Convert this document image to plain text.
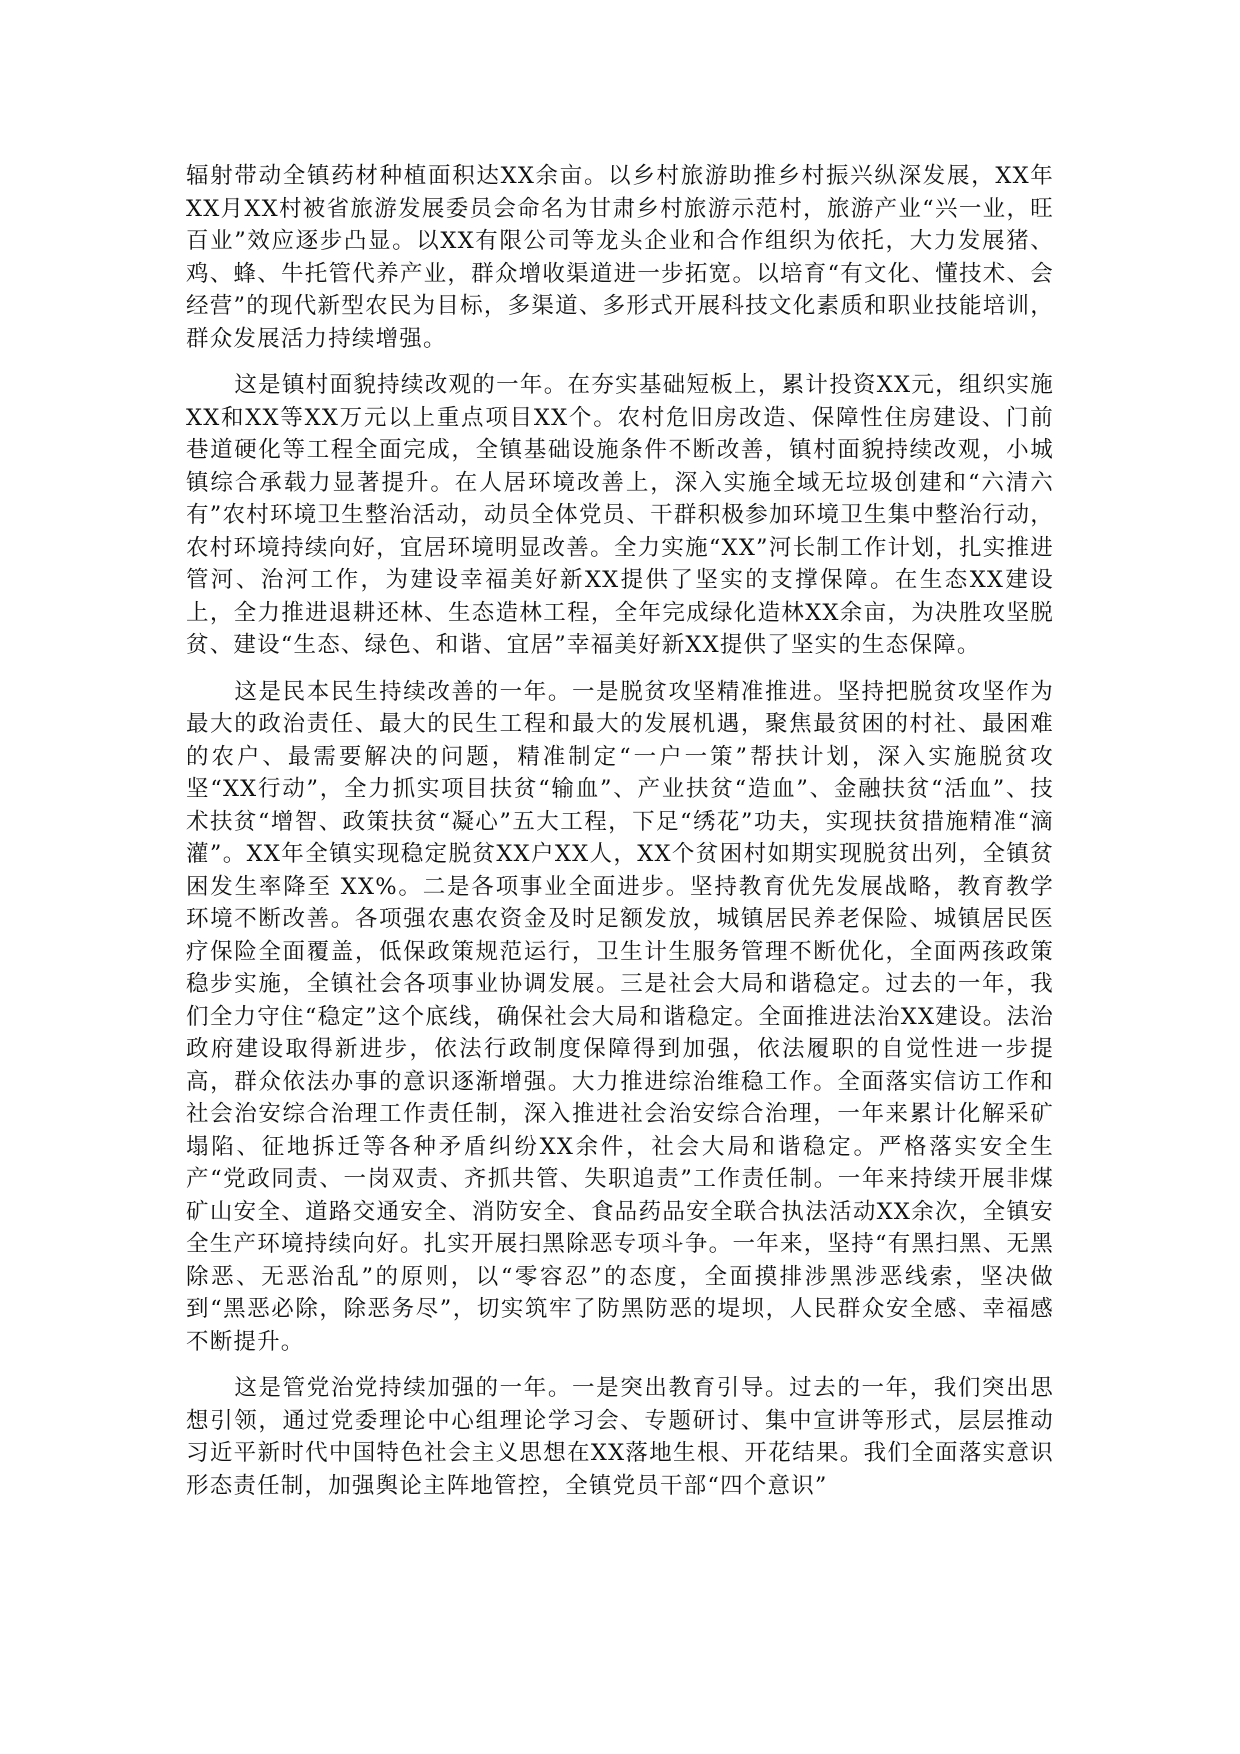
辐射带动全镇药材种植面积达XX余亩。以乡村旅游助推乡村振兴纵深发展，XX年XX月XX村被省旅游发展委员会命名为甘肃乡村旅游示范村，旅游产业“兴一业，旺百业”效应逐步凸显。以XX有限公司等龙头企业和合作组织为依托，大力发展猪、鸡、蜂、牛托管代养产业，群众增收渠道进一步拓宽。以培育“有文化、懂技术、会经营”的现代新型农民为目标，多渠道、多形式开展科技文化素质和职业技能培训，群众发展活力持续增强。

这是镇村面貌持续改观的一年。在夯实基础短板上，累计投资XX元，组织实施XX和XX等XX万元以上重点项目XX个。农村危旧房改造、保障性住房建设、门前巷道硬化等工程全面完成，全镇基础设施条件不断改善，镇村面貌持续改观，小城镇综合承载力显著提升。在人居环境改善上，深入实施全域无垃圾创建和“六清六有”农村环境卫生整治活动，动员全体党员、干群积极参加环境卫生集中整治行动，农村环境持续向好，宜居环境明显改善。全力实施“XX”河长制工作计划，扎实推进管河、治河工作，为建设幸福美好新XX提供了坚实的支撑保障。在生态XX建设上，全力推进退耕还林、生态造林工程，全年完成绿化造林XX余亩，为决胜攻坚脱贫、建设“生态、绿色、和谐、宜居”幸福美好新XX提供了坚实的生态保障。

这是民本民生持续改善的一年。一是脱贫攻坚精准推进。坚持把脱贫攻坚作为最大的政治责任、最大的民生工程和最大的发展机遇，聚焦最贫困的村社、最困难的农户、最需要解决的问题，精准制定“一户一策”帮扶计划，深入实施脱贫攻坚“XX行动”，全力抓实项目扶贫“输血”、产业扶贫“造血”、金融扶贫“活血”、技术扶贫“增智、政策扶贫“凝心”五大工程，下足“绣花”功夫，实现扶贫措施精准“滴灌”。XX年全镇实现稳定脱贫XX户XX人，XX个贫困村如期实现脱贫出列，全镇贫困发生率降至 XX%。二是各项事业全面进步。坚持教育优先发展战略，教育教学环境不断改善。各项强农惠农资金及时足额发放，城镇居民养老保险、城镇居民医疗保险全面覆盖，低保政策规范运行，卫生计生服务管理不断优化，全面两孩政策稳步实施，全镇社会各项事业协调发展。三是社会大局和谐稳定。过去的一年，我们全力守住“稳定”这个底线，确保社会大局和谐稳定。全面推进法治XX建设。法治政府建设取得新进步，依法行政制度保障得到加强，依法履职的自觉性进一步提高，群众依法办事的意识逐渐增强。大力推进综治维稳工作。全面落实信访工作和社会治安综合治理工作责任制，深入推进社会治安综合治理，一年来累计化解采矿塌陷、征地拆迁等各种矛盾纠纷XX余件，社会大局和谐稳定。严格落实安全生产“党政同责、一岗双责、齐抓共管、失职追责”工作责任制。一年来持续开展非煤矿山安全、道路交通安全、消防安全、食品药品安全联合执法活动XX余次，全镇安全生产环境持续向好。扎实开展扫黑除恶专项斗争。一年来，坚持“有黑扫黑、无黑除恶、无恶治乱”的原则，以“零容忍”的态度，全面摸排涉黑涉恶线索，坚决做到“黑恶必除，除恶务尽”，切实筑牢了防黑防恶的堤坝，人民群众安全感、幸福感不断提升。

这是管党治党持续加强的一年。一是突出教育引导。过去的一年，我们突出思想引领，通过党委理论中心组理论学习会、专题研讨、集中宣讲等形式，层层推动习近平新时代中国特色社会主义思想在XX落地生根、开花结果。我们全面落实意识形态责任制，加强舆论主阵地管控，全镇党员干部“四个意识”
